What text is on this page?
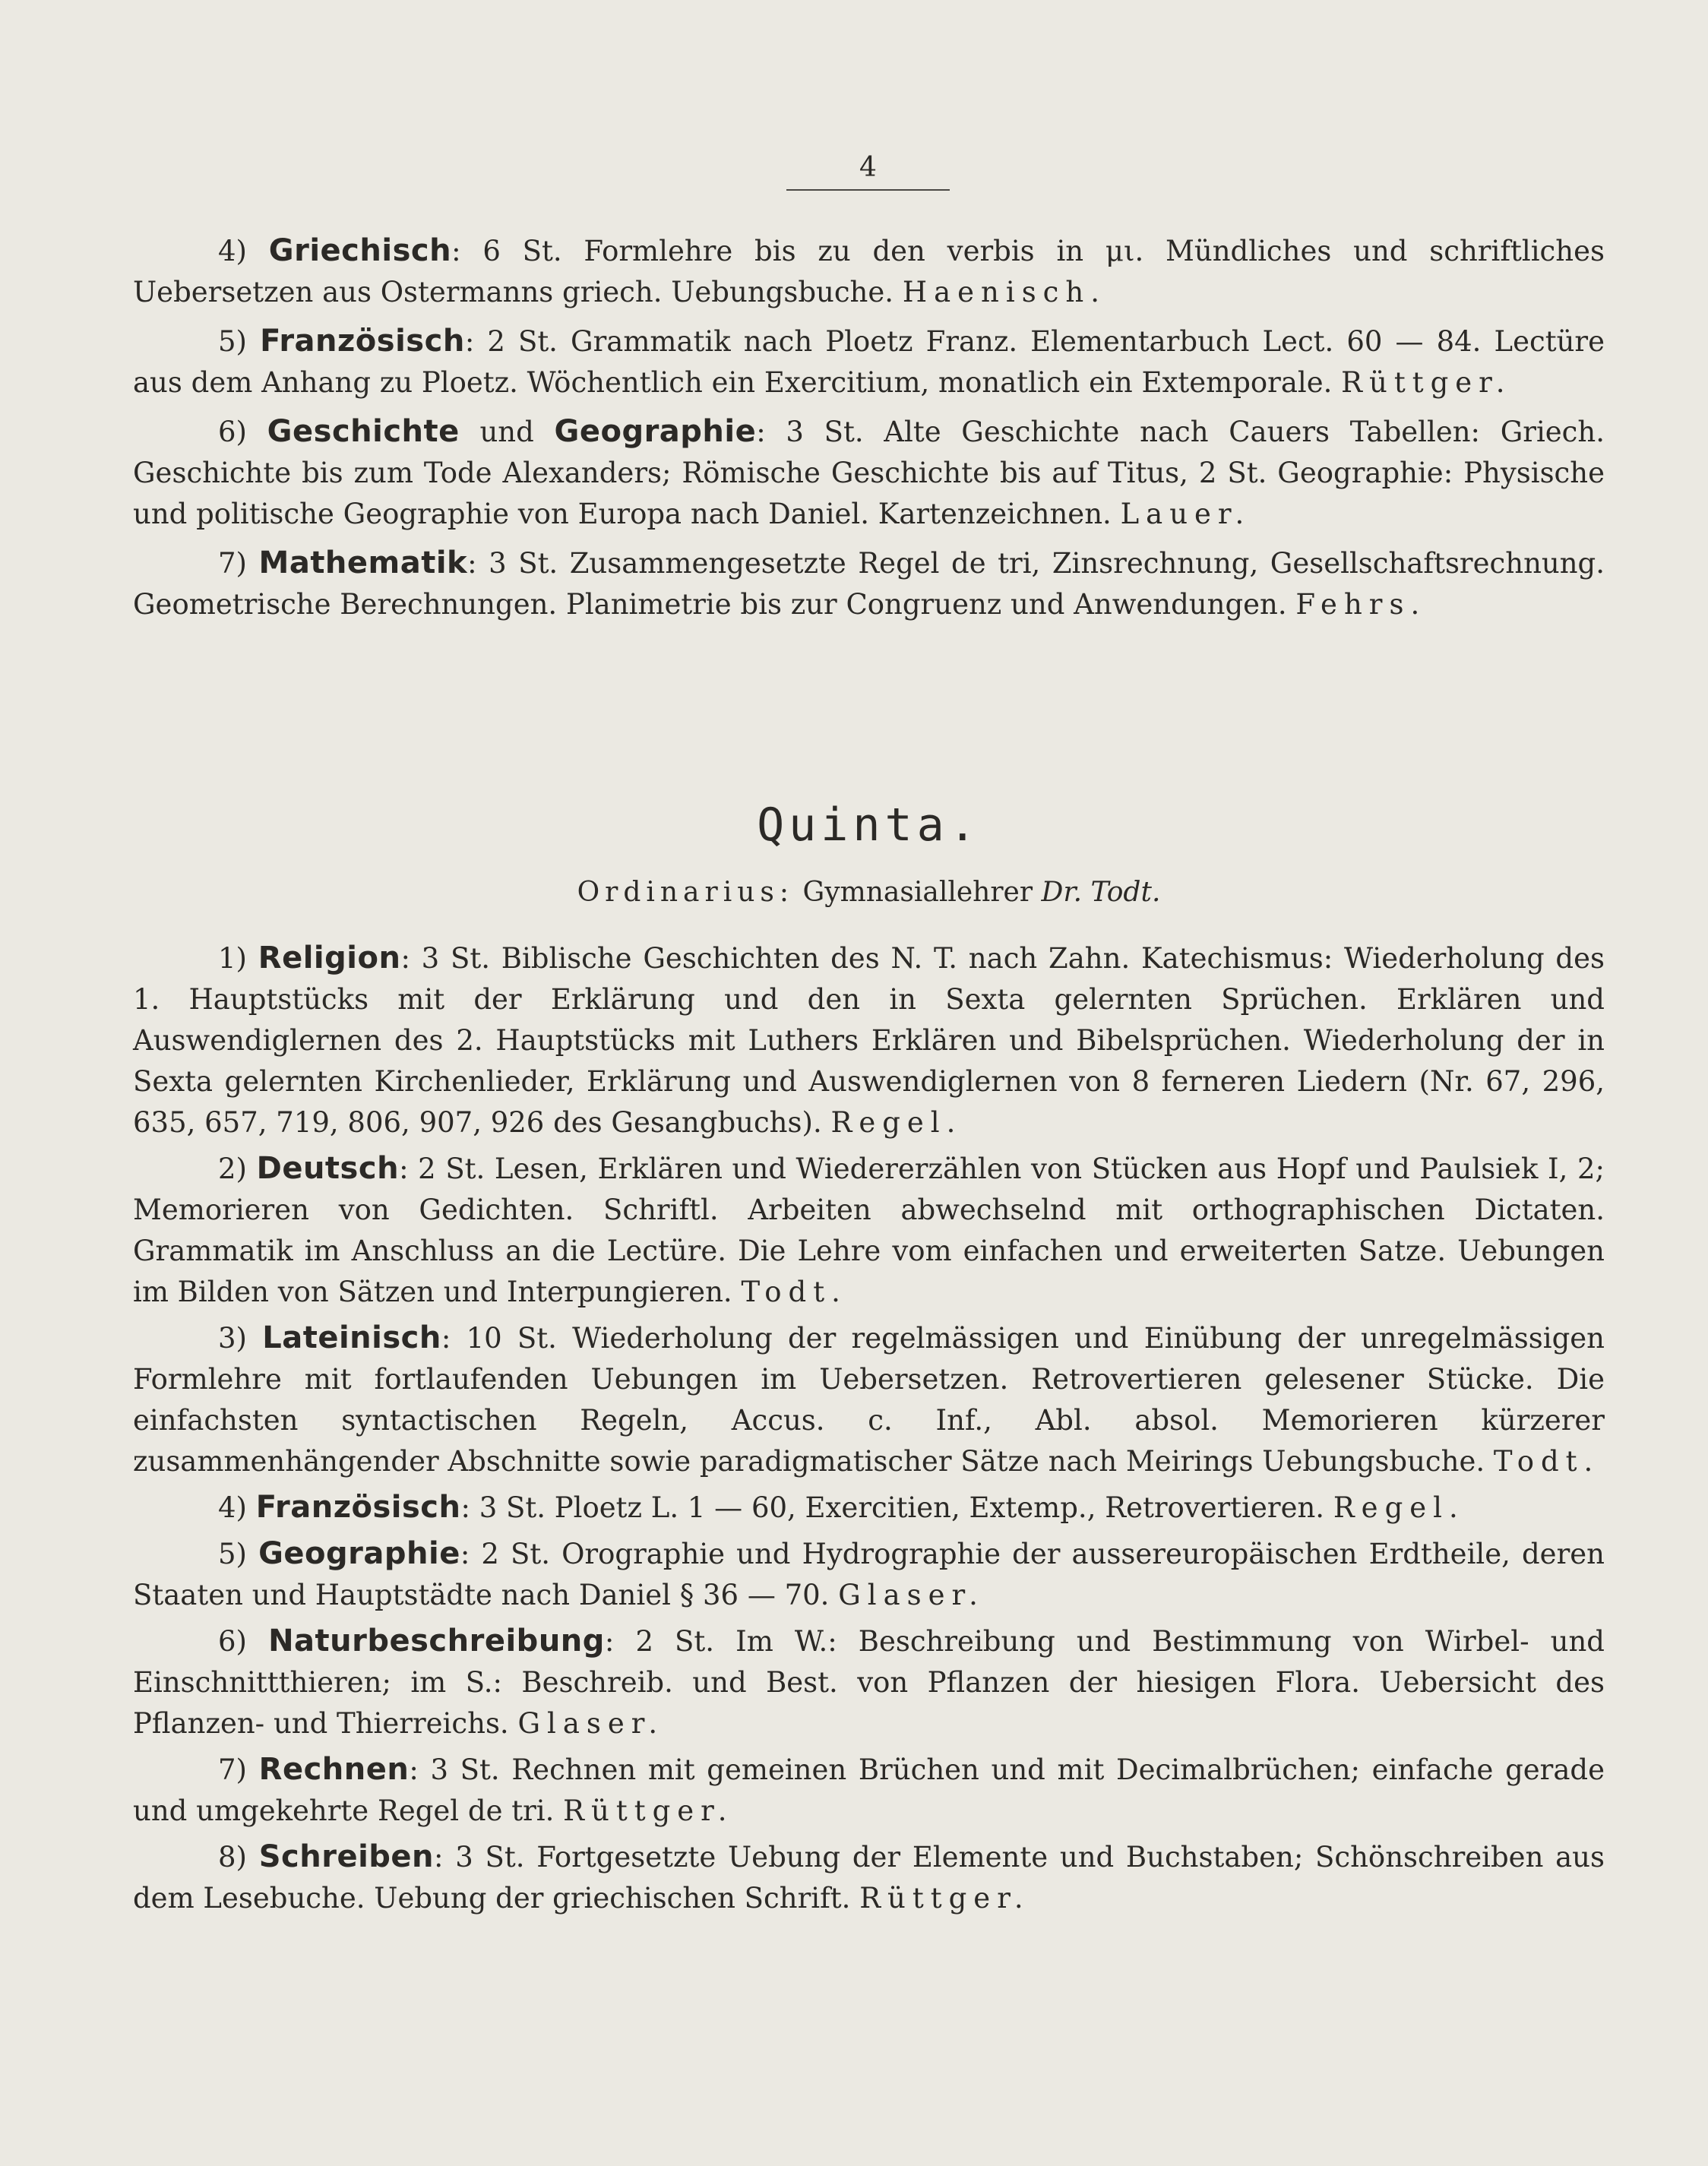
4

4) Griechisch: 6 St. Formlehre bis zu den verbis in μι. Mündliches und schriftliches Uebersetzen aus Ostermanns griech. Uebungsbuche. Haenisch.

5) Französisch: 2 St. Grammatik nach Ploetz Franz. Elementarbuch Lect. 60 — 84. Lectüre aus dem Anhang zu Ploetz. Wöchentlich ein Exercitium, monatlich ein Extemporale. Rüttger.

6) Geschichte und Geographie: 3 St. Alte Geschichte nach Cauers Tabellen: Griech. Geschichte bis zum Tode Alexanders; Römische Geschichte bis auf Titus, 2 St. Geographie: Physische und politische Geographie von Europa nach Daniel. Kartenzeichnen. Lauer.

7) Mathematik: 3 St. Zusammengesetzte Regel de tri, Zinsrechnung, Gesellschaftsrechnung. Geometrische Berechnungen. Planimetrie bis zur Congruenz und Anwendungen. Fehrs.

Quinta.
Ordinarius: Gymnasiallehrer Dr. Todt.

1) Religion: 3 St. Biblische Geschichten des N. T. nach Zahn. Katechismus: Wiederholung des 1. Hauptstücks mit der Erklärung und den in Sexta gelernten Sprüchen. Erklären und Auswendiglernen des 2. Hauptstücks mit Luthers Erklären und Bibelsprüchen. Wiederholung der in Sexta gelernten Kirchenlieder, Erklärung und Auswendiglernen von 8 ferneren Liedern (Nr. 67, 296, 635, 657, 719, 806, 907, 926 des Gesangbuchs). Regel.

2) Deutsch: 2 St. Lesen, Erklären und Wiedererzählen von Stücken aus Hopf und Paulsiek I, 2; Memorieren von Gedichten. Schriftl. Arbeiten abwechselnd mit orthographischen Dictaten. Grammatik im Anschluss an die Lectüre. Die Lehre vom einfachen und erweiterten Satze. Uebungen im Bilden von Sätzen und Interpungieren. Todt.

3) Lateinisch: 10 St. Wiederholung der regelmässigen und Einübung der unregelmässigen Formlehre mit fortlaufenden Uebungen im Uebersetzen. Retrovertieren gelesener Stücke. Die einfachsten syntactischen Regeln, Accus. c. Inf., Abl. absol. Memorieren kürzerer zusammenhängender Abschnitte sowie paradigmatischer Sätze nach Meirings Uebungsbuche. Todt.

4) Französisch: 3 St. Ploetz L. 1 — 60, Exercitien, Extemp., Retrovertieren. Regel.

5) Geographie: 2 St. Orographie und Hydrographie der aussereuropäischen Erdtheile, deren Staaten und Hauptstädte nach Daniel § 36 — 70. Glaser.

6) Naturbeschreibung: 2 St. Im W.: Beschreibung und Bestimmung von Wirbel- und Einschnittthieren; im S.: Beschreib. und Best. von Pflanzen der hiesigen Flora. Uebersicht des Pflanzen- und Thierreichs. Glaser.

7) Rechnen: 3 St. Rechnen mit gemeinen Brüchen und mit Decimalbrüchen; einfache gerade und umgekehrte Regel de tri. Rüttger.

8) Schreiben: 3 St. Fortgesetzte Uebung der Elemente und Buchstaben; Schönschreiben aus dem Lesebuche. Uebung der griechischen Schrift. Rüttger.
